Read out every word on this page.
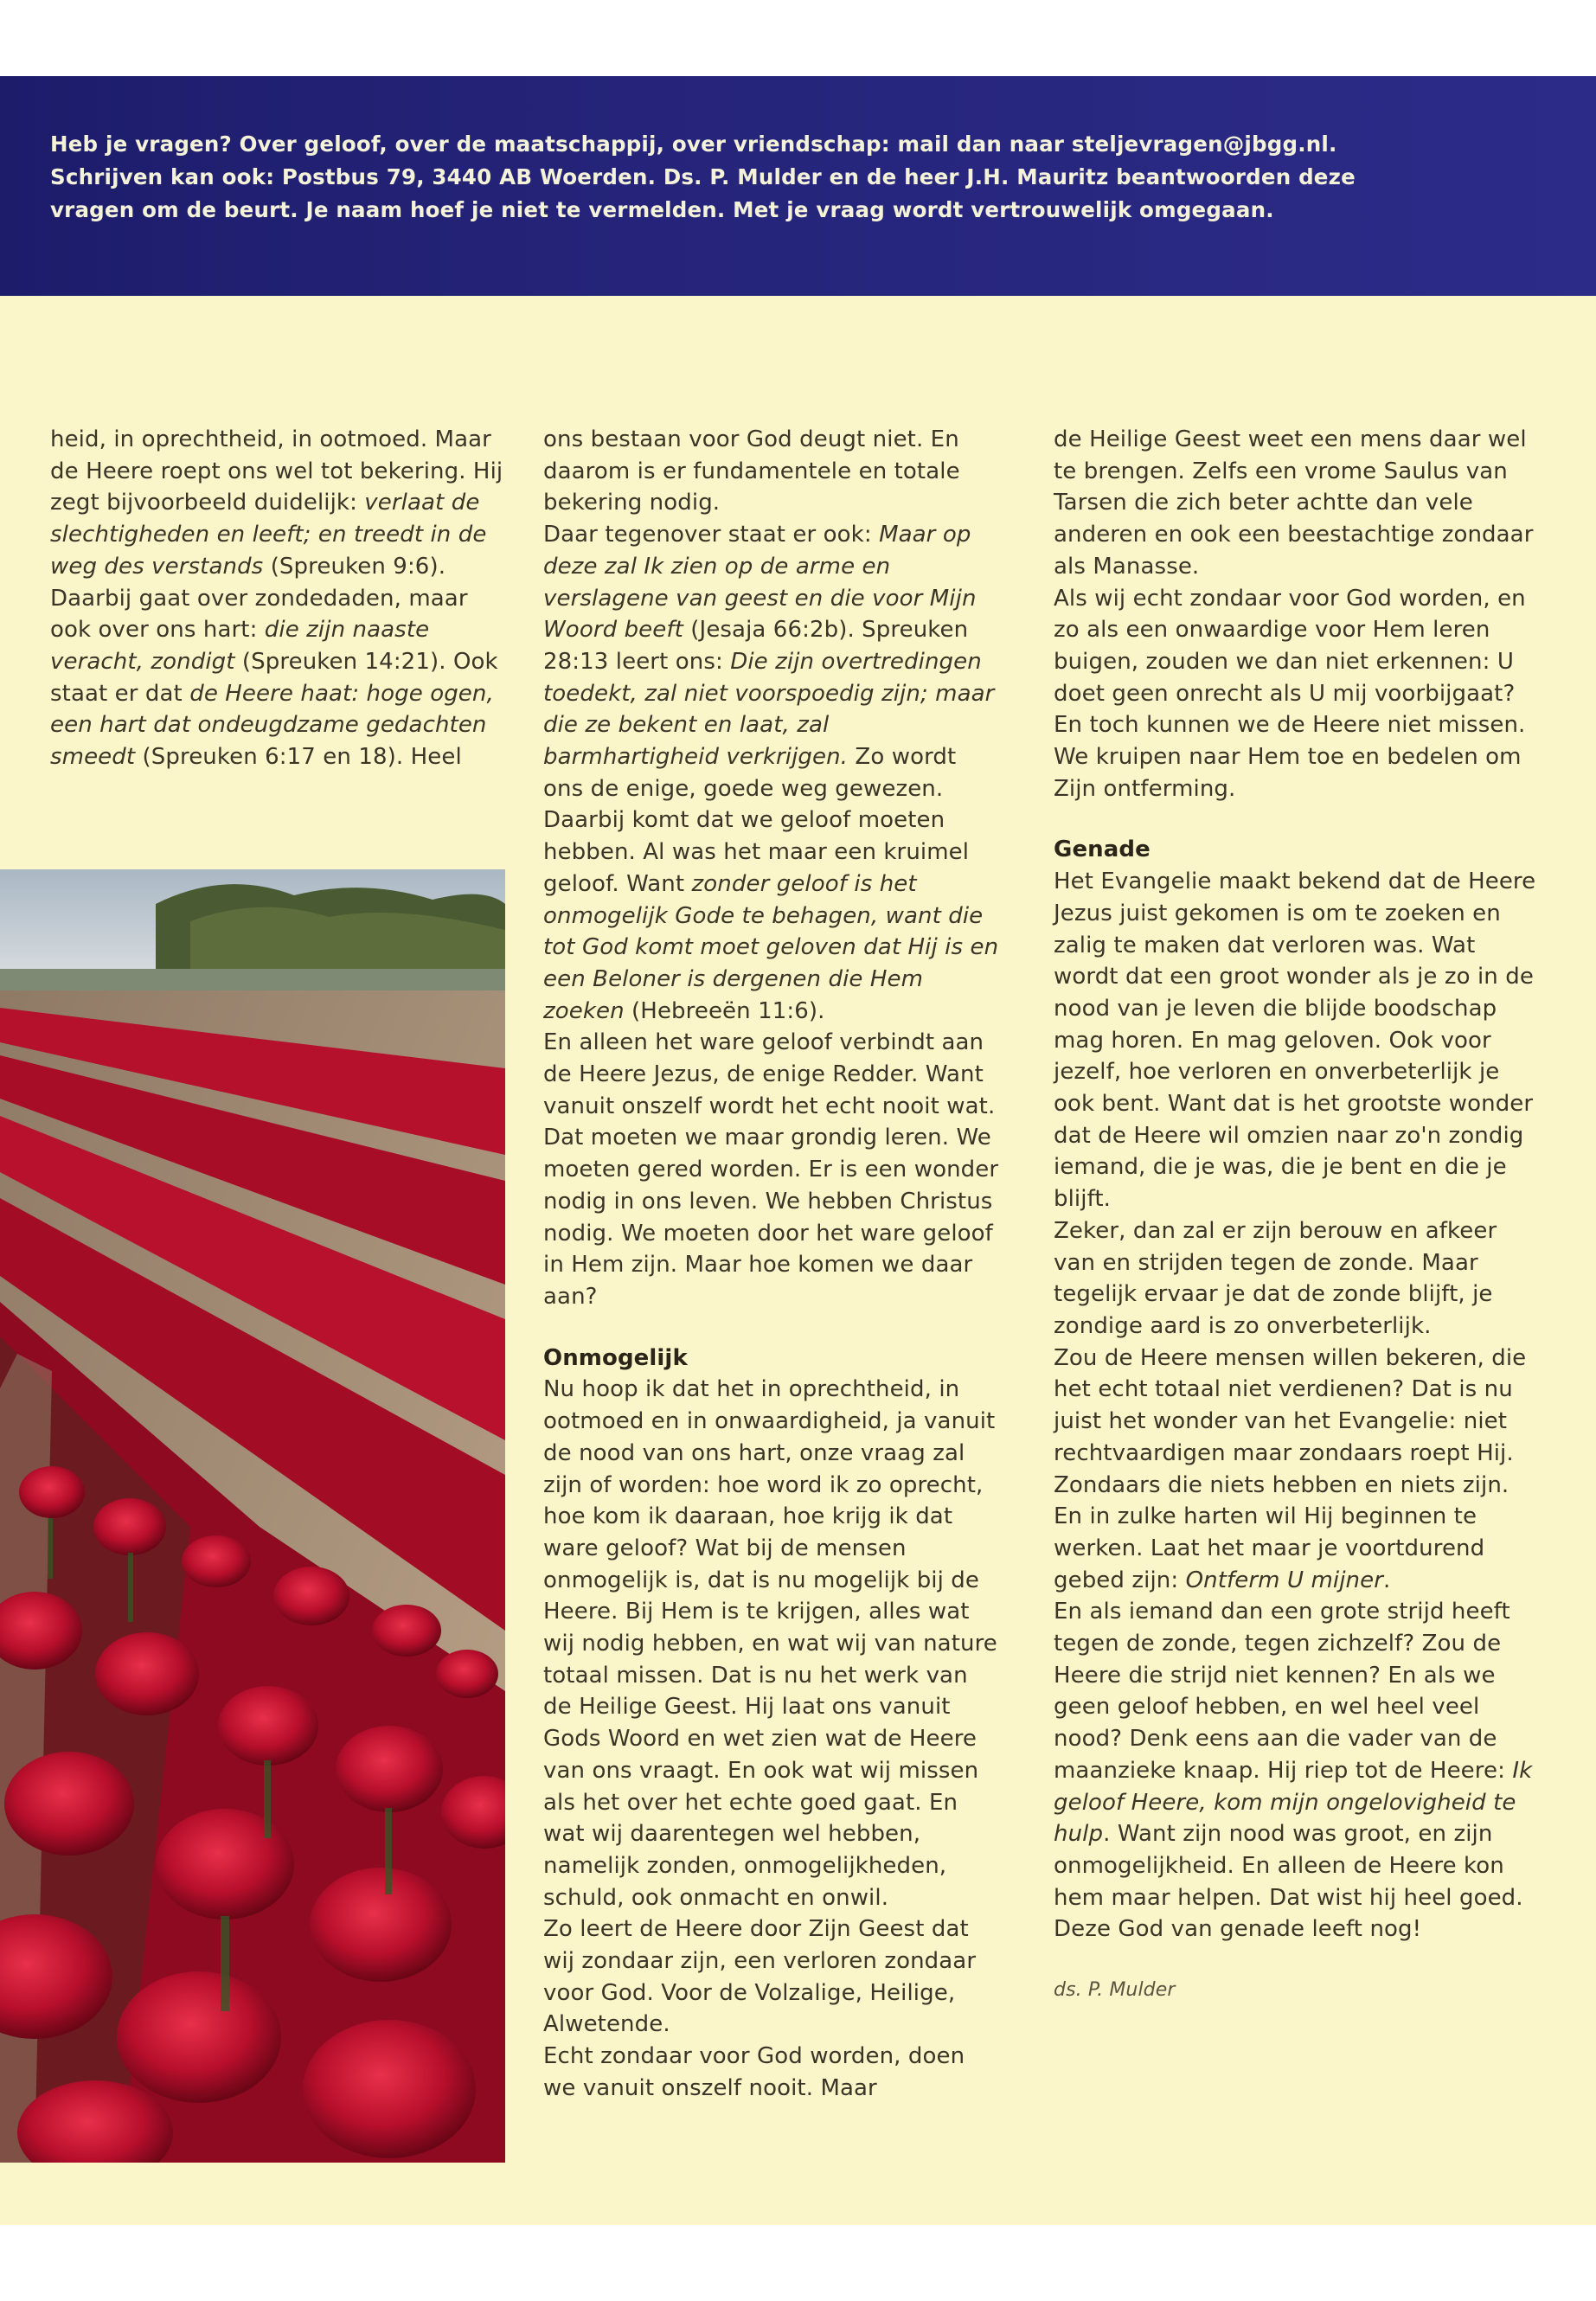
Heb je vragen? Over geloof, over de maatschappij, over vriendschap: mail dan naar steljevragen@jbgg.nl. Schrijven kan ook: Postbus 79, 3440 AB Woerden. Ds. P. Mulder en de heer J.H. Mauritz beantwoorden deze vragen om de beurt. Je naam hoef je niet te vermelden. Met je vraag wordt vertrouwelijk omgegaan.

heid, in oprechtheid, in ootmoed. Maar de Heere roept ons wel tot bekering. Hij zegt bijvoorbeeld duidelijk: verlaat de slechtigheden en leeft; en treedt in de weg des verstands (Spreuken 9:6). Daarbij gaat over zondedaden, maar ook over ons hart: die zijn naaste veracht, zondigt (Spreuken 14:21). Ook staat er dat de Heere haat: hoge ogen, een hart dat ondeugdzame gedachten smeedt (Spreuken 6:17 en 18). Heel

ons bestaan voor God deugt niet. En daarom is er fundamentele en totale bekering nodig.

Daar tegenover staat er ook: Maar op deze zal Ik zien op de arme en verslagene van geest en die voor Mijn Woord beeft (Jesaja 66:2b). Spreuken 28:13 leert ons: Die zijn overtredingen toedekt, zal niet voorspoedig zijn; maar die ze bekent en laat, zal barmhartigheid verkrijgen. Zo wordt ons de enige, goede weg gewezen.

Daarbij komt dat we geloof moeten hebben. Al was het maar een kruimel geloof. Want zonder geloof is het onmogelijk Gode te behagen, want die tot God komt moet geloven dat Hij is en een Beloner is dergenen die Hem zoeken (Hebreeën 11:6).

En alleen het ware geloof verbindt aan de Heere Jezus, de enige Redder. Want vanuit onszelf wordt het echt nooit wat. Dat moeten we maar grondig leren. We moeten gered worden. Er is een wonder nodig in ons leven. We hebben Christus nodig. We moeten door het ware geloof in Hem zijn. Maar hoe komen we daar aan?

Onmogelijk

Nu hoop ik dat het in oprechtheid, in ootmoed en in onwaardigheid, ja vanuit de nood van ons hart, onze vraag zal zijn of worden: hoe word ik zo oprecht, hoe kom ik daaraan, hoe krijg ik dat ware geloof? Wat bij de mensen onmogelijk is, dat is nu mogelijk bij de Heere. Bij Hem is te krijgen, alles wat wij nodig hebben, en wat wij van nature totaal missen. Dat is nu het werk van de Heilige Geest. Hij laat ons vanuit Gods Woord en wet zien wat de Heere van ons vraagt. En ook wat wij missen als het over het echte goed gaat. En wat wij daarentegen wel hebben, namelijk zonden, onmogelijkheden, schuld, ook onmacht en onwil.

Zo leert de Heere door Zijn Geest dat wij zondaar zijn, een verloren zondaar voor God. Voor de Volzalige, Heilige, Alwetende.

Echt zondaar voor God worden, doen we vanuit onszelf nooit. Maar

de Heilige Geest weet een mens daar wel te brengen. Zelfs een vrome Saulus van Tarsen die zich beter achtte dan vele anderen en ook een beestachtige zondaar als Manasse.

Als wij echt zondaar voor God worden, en zo als een onwaardige voor Hem leren buigen, zouden we dan niet erkennen: U doet geen onrecht als U mij voorbijgaat? En toch kunnen we de Heere niet missen. We kruipen naar Hem toe en bedelen om Zijn ontferming.

Genade

Het Evangelie maakt bekend dat de Heere Jezus juist gekomen is om te zoeken en zalig te maken dat verloren was. Wat wordt dat een groot wonder als je zo in de nood van je leven die blijde boodschap mag horen. En mag geloven. Ook voor jezelf, hoe verloren en onverbeterlijk je ook bent. Want dat is het grootste wonder dat de Heere wil omzien naar zo'n zondig iemand, die je was, die je bent en die je blijft.

Zeker, dan zal er zijn berouw en afkeer van en strijden tegen de zonde. Maar tegelijk ervaar je dat de zonde blijft, je zondige aard is zo onverbeterlijk.

Zou de Heere mensen willen bekeren, die het echt totaal niet verdienen? Dat is nu juist het wonder van het Evangelie: niet rechtvaardigen maar zondaars roept Hij. Zondaars die niets hebben en niets zijn. En in zulke harten wil Hij beginnen te werken. Laat het maar je voortdurend gebed zijn: Ontferm U mijner.

En als iemand dan een grote strijd heeft tegen de zonde, tegen zichzelf? Zou de Heere die strijd niet kennen? En als we geen geloof hebben, en wel heel veel nood? Denk eens aan die vader van de maanzieke knaap. Hij riep tot de Heere: Ik geloof Heere, kom mijn ongelovigheid te hulp. Want zijn nood was groot, en zijn onmogelijkheid. En alleen de Heere kon hem maar helpen. Dat wist hij heel goed. Deze God van genade leeft nog!

ds. P. Mulder
